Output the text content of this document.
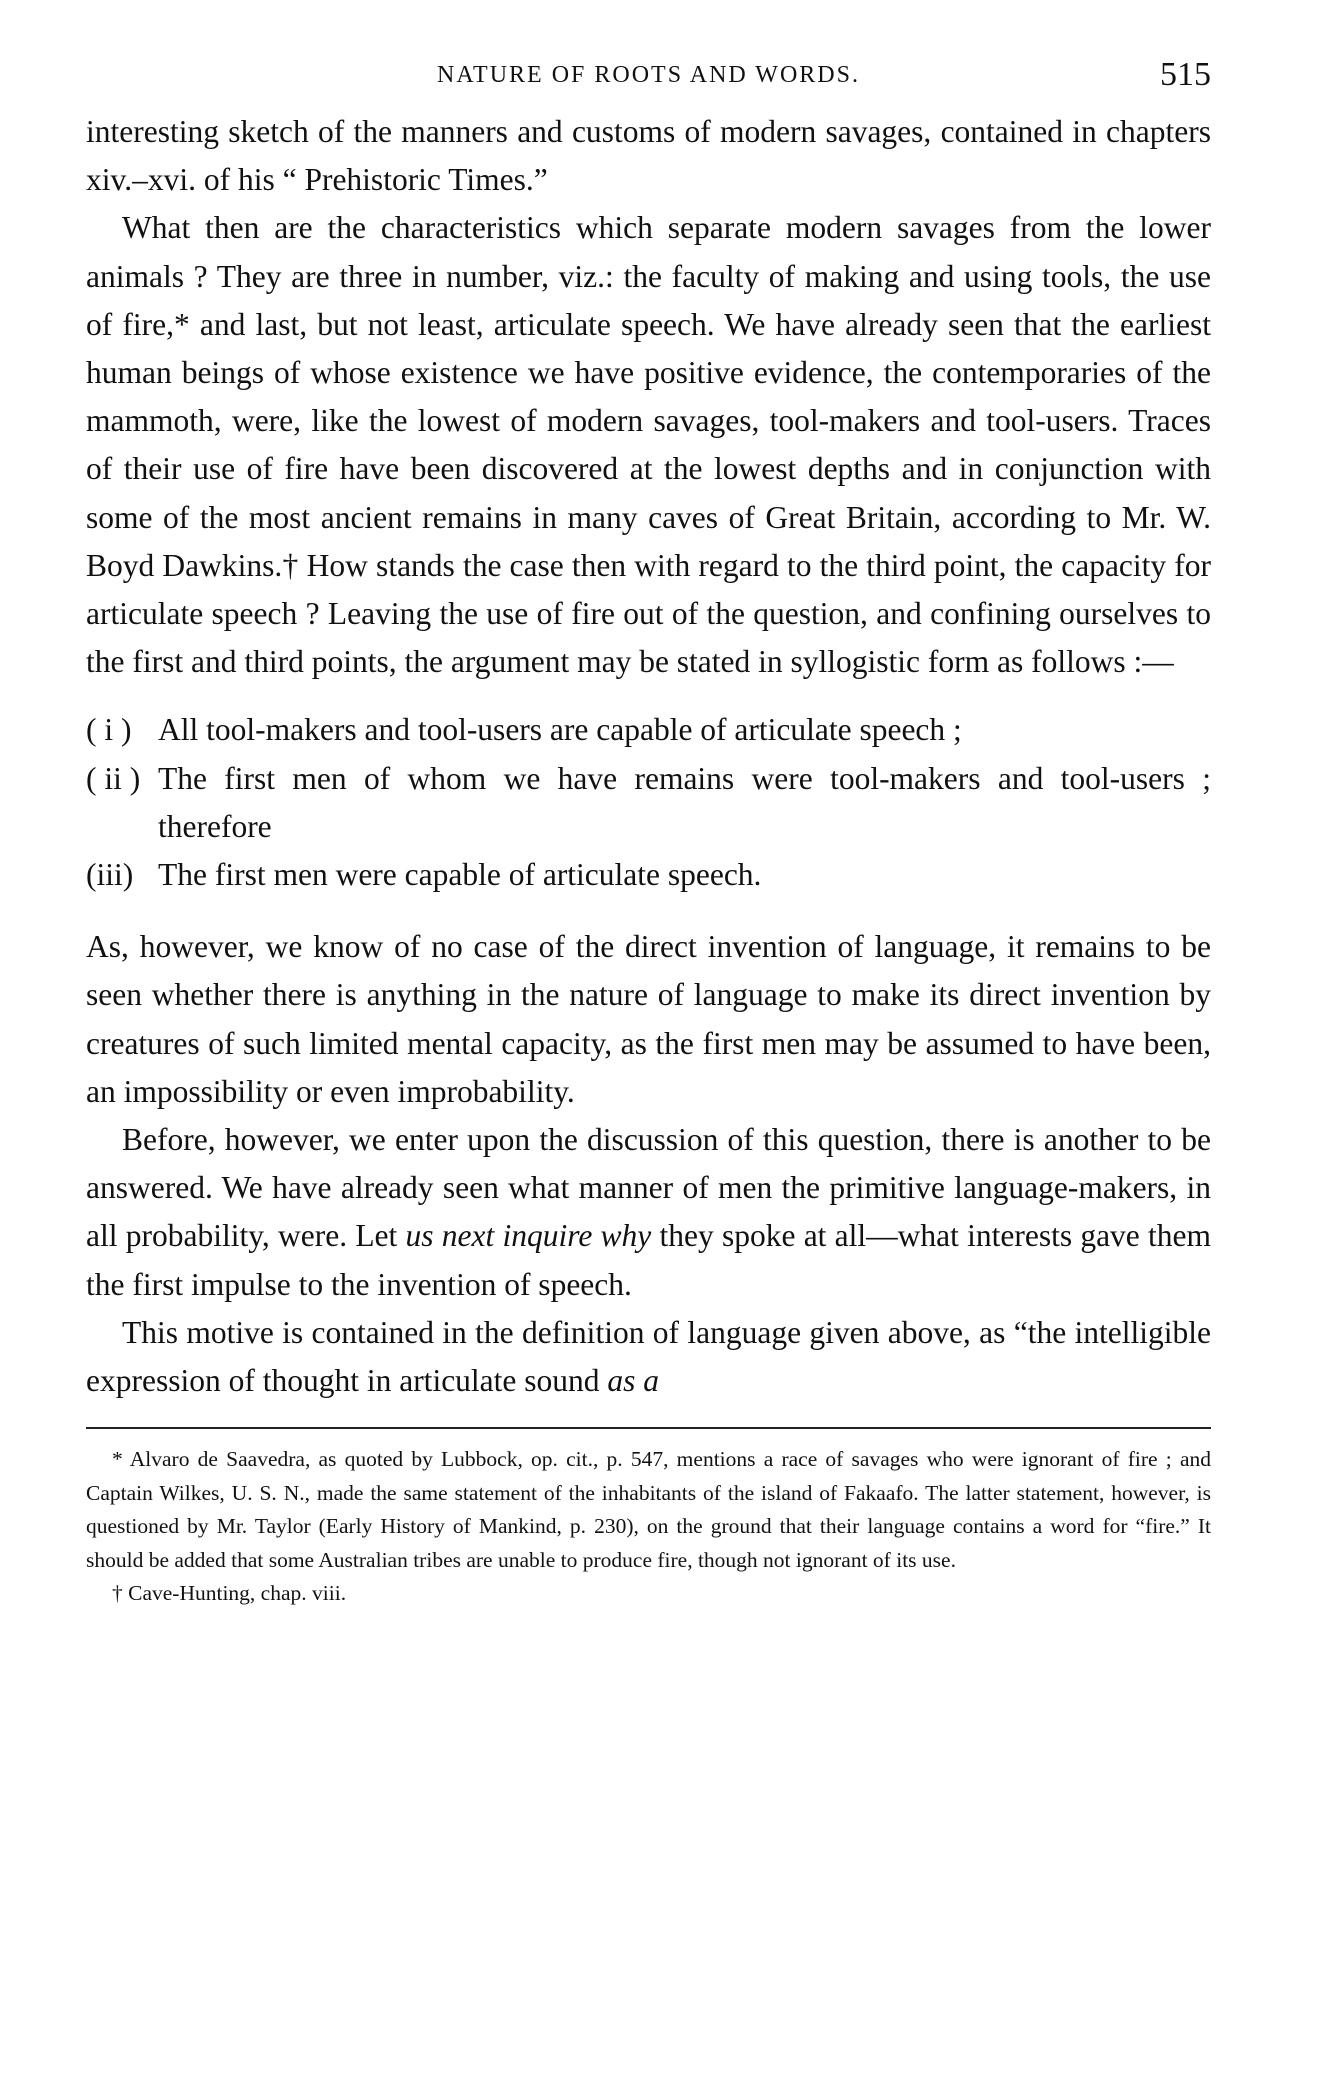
NATURE OF ROOTS AND WORDS.	515

interesting sketch of the manners and customs of modern savages, contained in chapters xiv.–xvi. of his “ Prehistoric Times.”

What then are the characteristics which separate modern savages from the lower animals ? They are three in number, viz.: the faculty of making and using tools, the use of fire,* and last, but not least, articulate speech. We have already seen that the earliest human beings of whose existence we have positive evidence, the contemporaries of the mammoth, were, like the lowest of modern savages, tool-makers and tool-users. Traces of their use of fire have been discovered at the lowest depths and in conjunction with some of the most ancient remains in many caves of Great Britain, according to Mr. W. Boyd Dawkins.† How stands the case then with regard to the third point, the capacity for articulate speech ? Leaving the use of fire out of the question, and confining ourselves to the first and third points, the argument may be stated in syllogistic form as follows :—

( i ) All tool-makers and tool-users are capable of articulate speech ;
( ii ) The first men of whom we have remains were tool-makers and tool-users ; therefore
(iii) The first men were capable of articulate speech.

As, however, we know of no case of the direct invention of language, it remains to be seen whether there is anything in the nature of language to make its direct invention by creatures of such limited mental capacity, as the first men may be assumed to have been, an impossibility or even improbability.

Before, however, we enter upon the discussion of this question, there is another to be answered. We have already seen what manner of men the primitive language-makers, in all probability, were. Let us next inquire why they spoke at all—what interests gave them the first impulse to the invention of speech.

This motive is contained in the definition of language given above, as “the intelligible expression of thought in articulate sound as a

* Alvaro de Saavedra, as quoted by Lubbock, op. cit., p. 547, mentions a race of savages who were ignorant of fire ; and Captain Wilkes, U. S. N., made the same statement of the inhabitants of the island of Fakaafo. The latter statement, however, is questioned by Mr. Taylor (Early History of Mankind, p. 230), on the ground that their language contains a word for “fire.” It should be added that some Australian tribes are unable to produce fire, though not ignorant of its use.

† Cave-Hunting, chap. viii.
